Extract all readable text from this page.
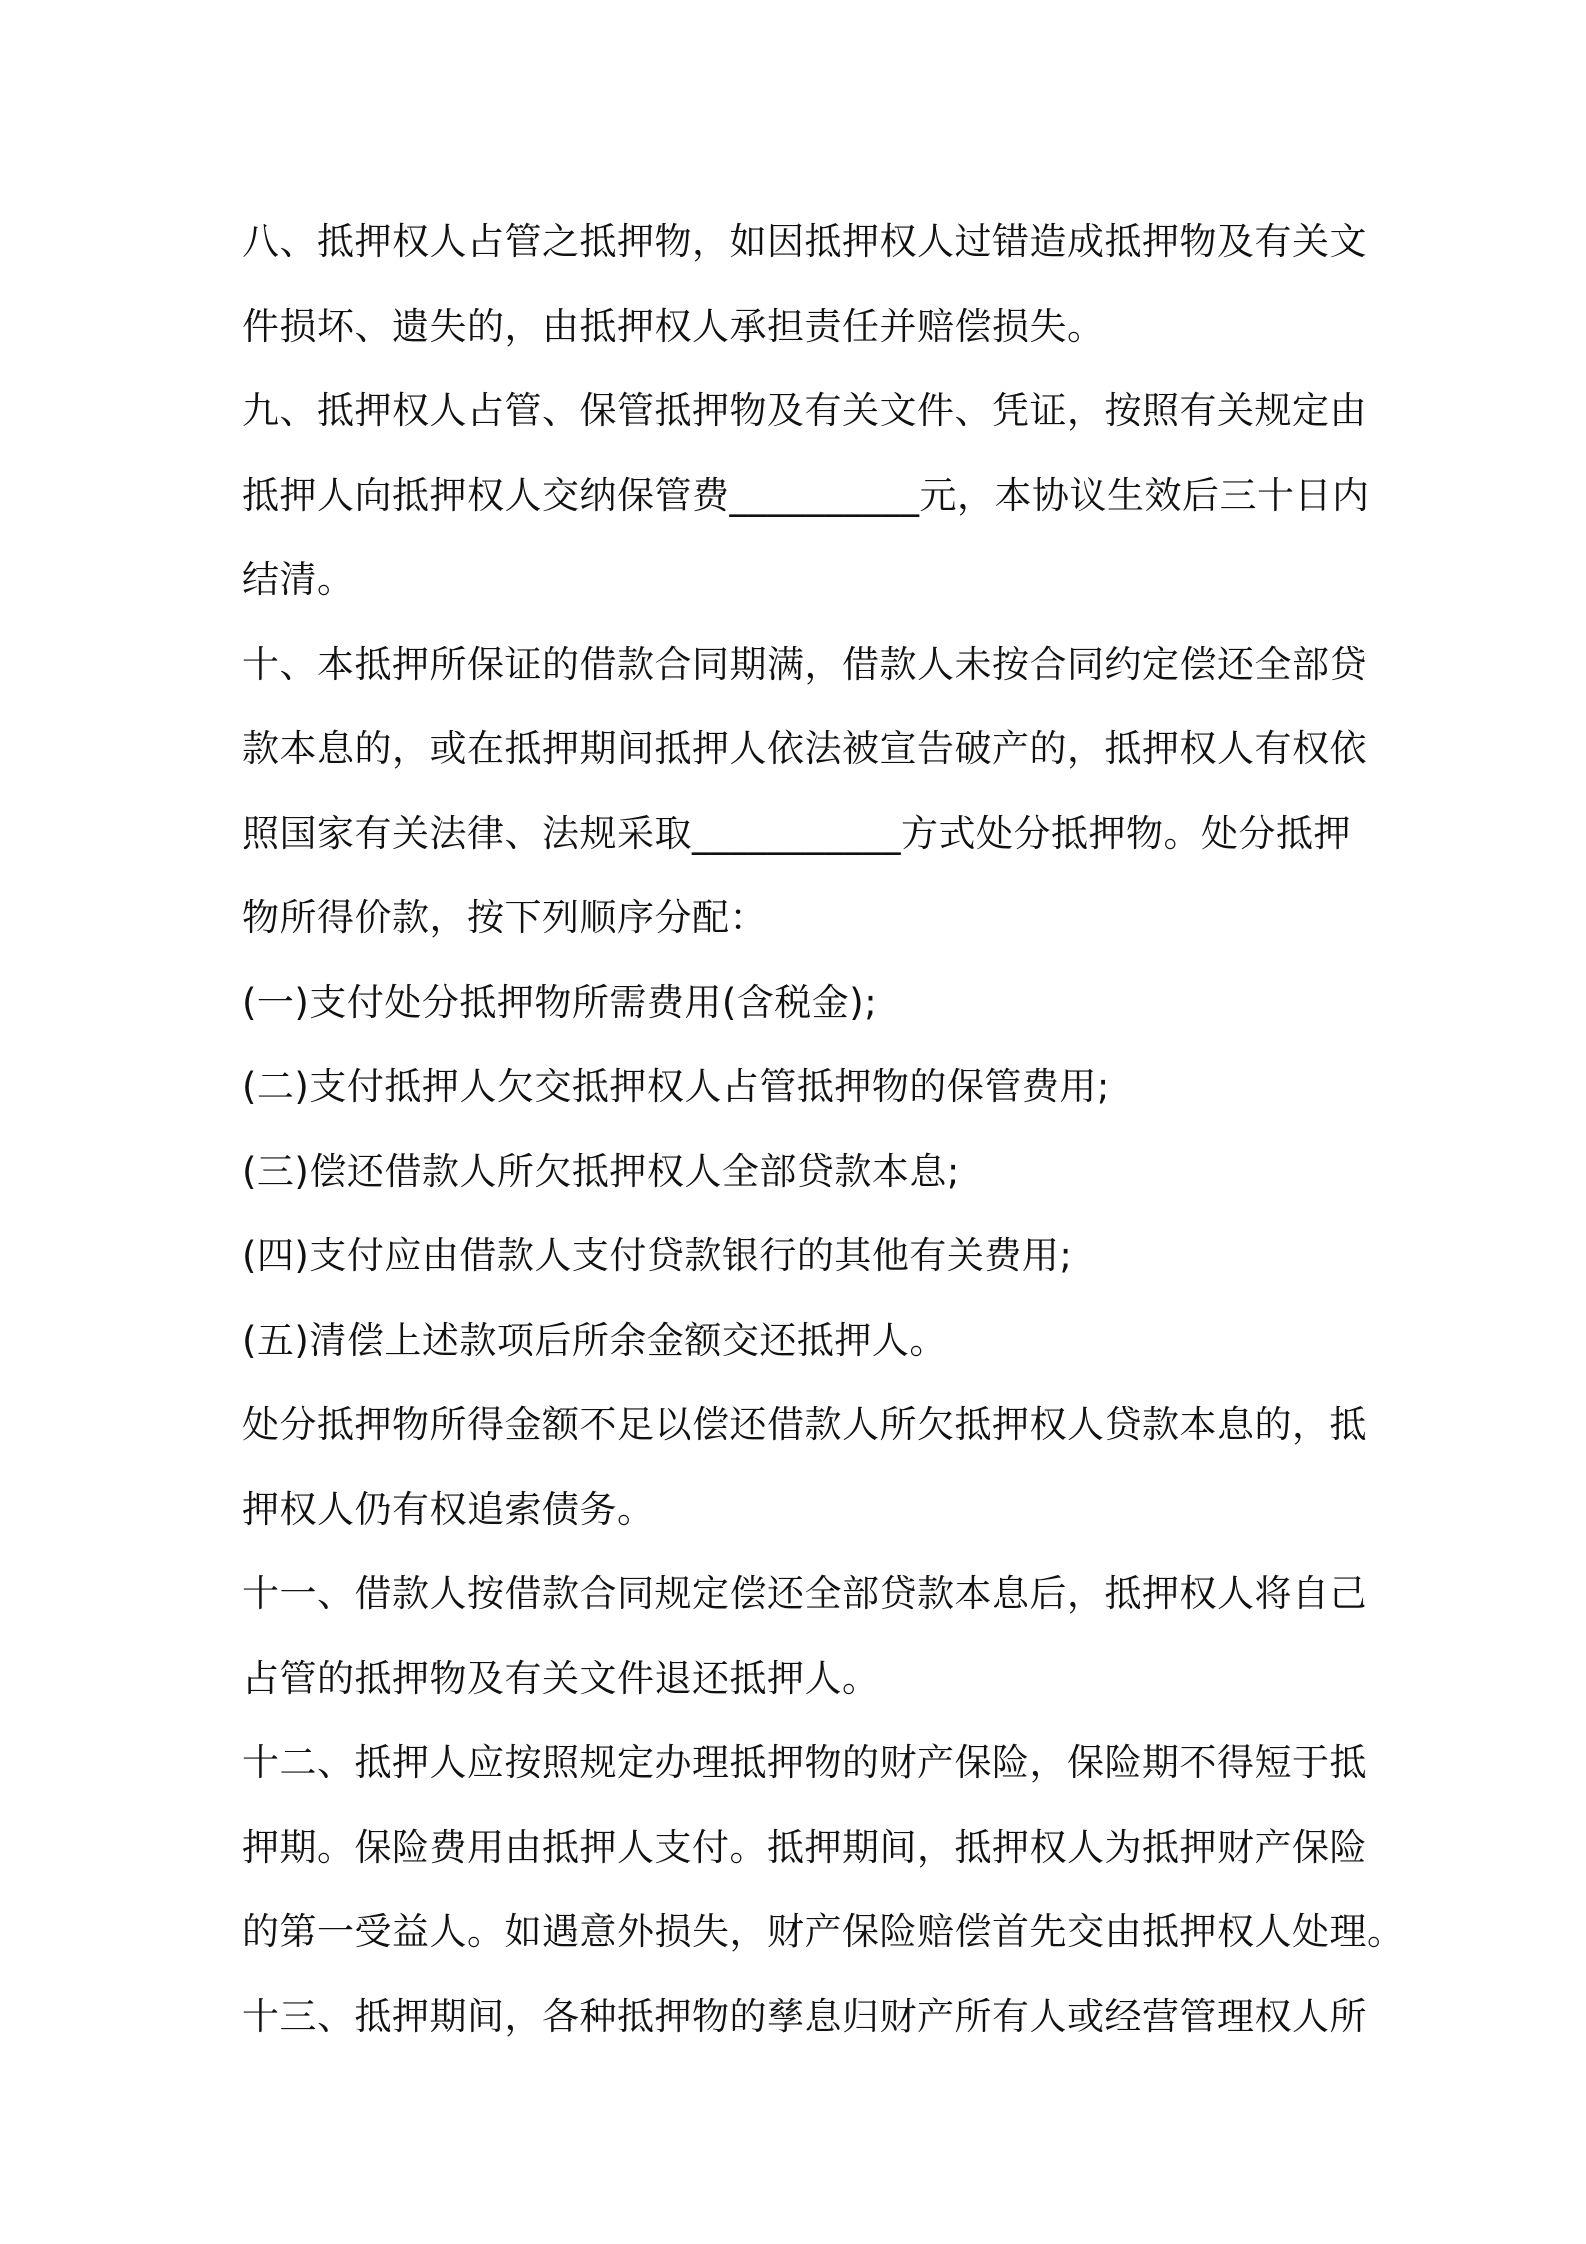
八、抵押权人占管之抵押物，如因抵押权人过错造成抵押物及有关文
件损坏、遗失的，由抵押权人承担责任并赔偿损失。
九、抵押权人占管、保管抵押物及有关文件、凭证，按照有关规定由
抵押人向抵押权人交纳保管费__________元，本协议生效后三十日内
结清。
十、本抵押所保证的借款合同期满，借款人未按合同约定偿还全部贷
款本息的，或在抵押期间抵押人依法被宣告破产的，抵押权人有权依
照国家有关法律、法规采取___________方式处分抵押物。处分抵押
物所得价款，按下列顺序分配：
(一)支付处分抵押物所需费用(含税金);
(二)支付抵押人欠交抵押权人占管抵押物的保管费用;
(三)偿还借款人所欠抵押权人全部贷款本息;
(四)支付应由借款人支付贷款银行的其他有关费用;
(五)清偿上述款项后所余金额交还抵押人。
处分抵押物所得金额不足以偿还借款人所欠抵押权人贷款本息的，抵
押权人仍有权追索债务。
十一、借款人按借款合同规定偿还全部贷款本息后，抵押权人将自己
占管的抵押物及有关文件退还抵押人。
十二、抵押人应按照规定办理抵押物的财产保险，保险期不得短于抵
押期。保险费用由抵押人支付。抵押期间，抵押权人为抵押财产保险
的第一受益人。如遇意外损失，财产保险赔偿首先交由抵押权人处理。
十三、抵押期间，各种抵押物的孳息归财产所有人或经营管理权人所
